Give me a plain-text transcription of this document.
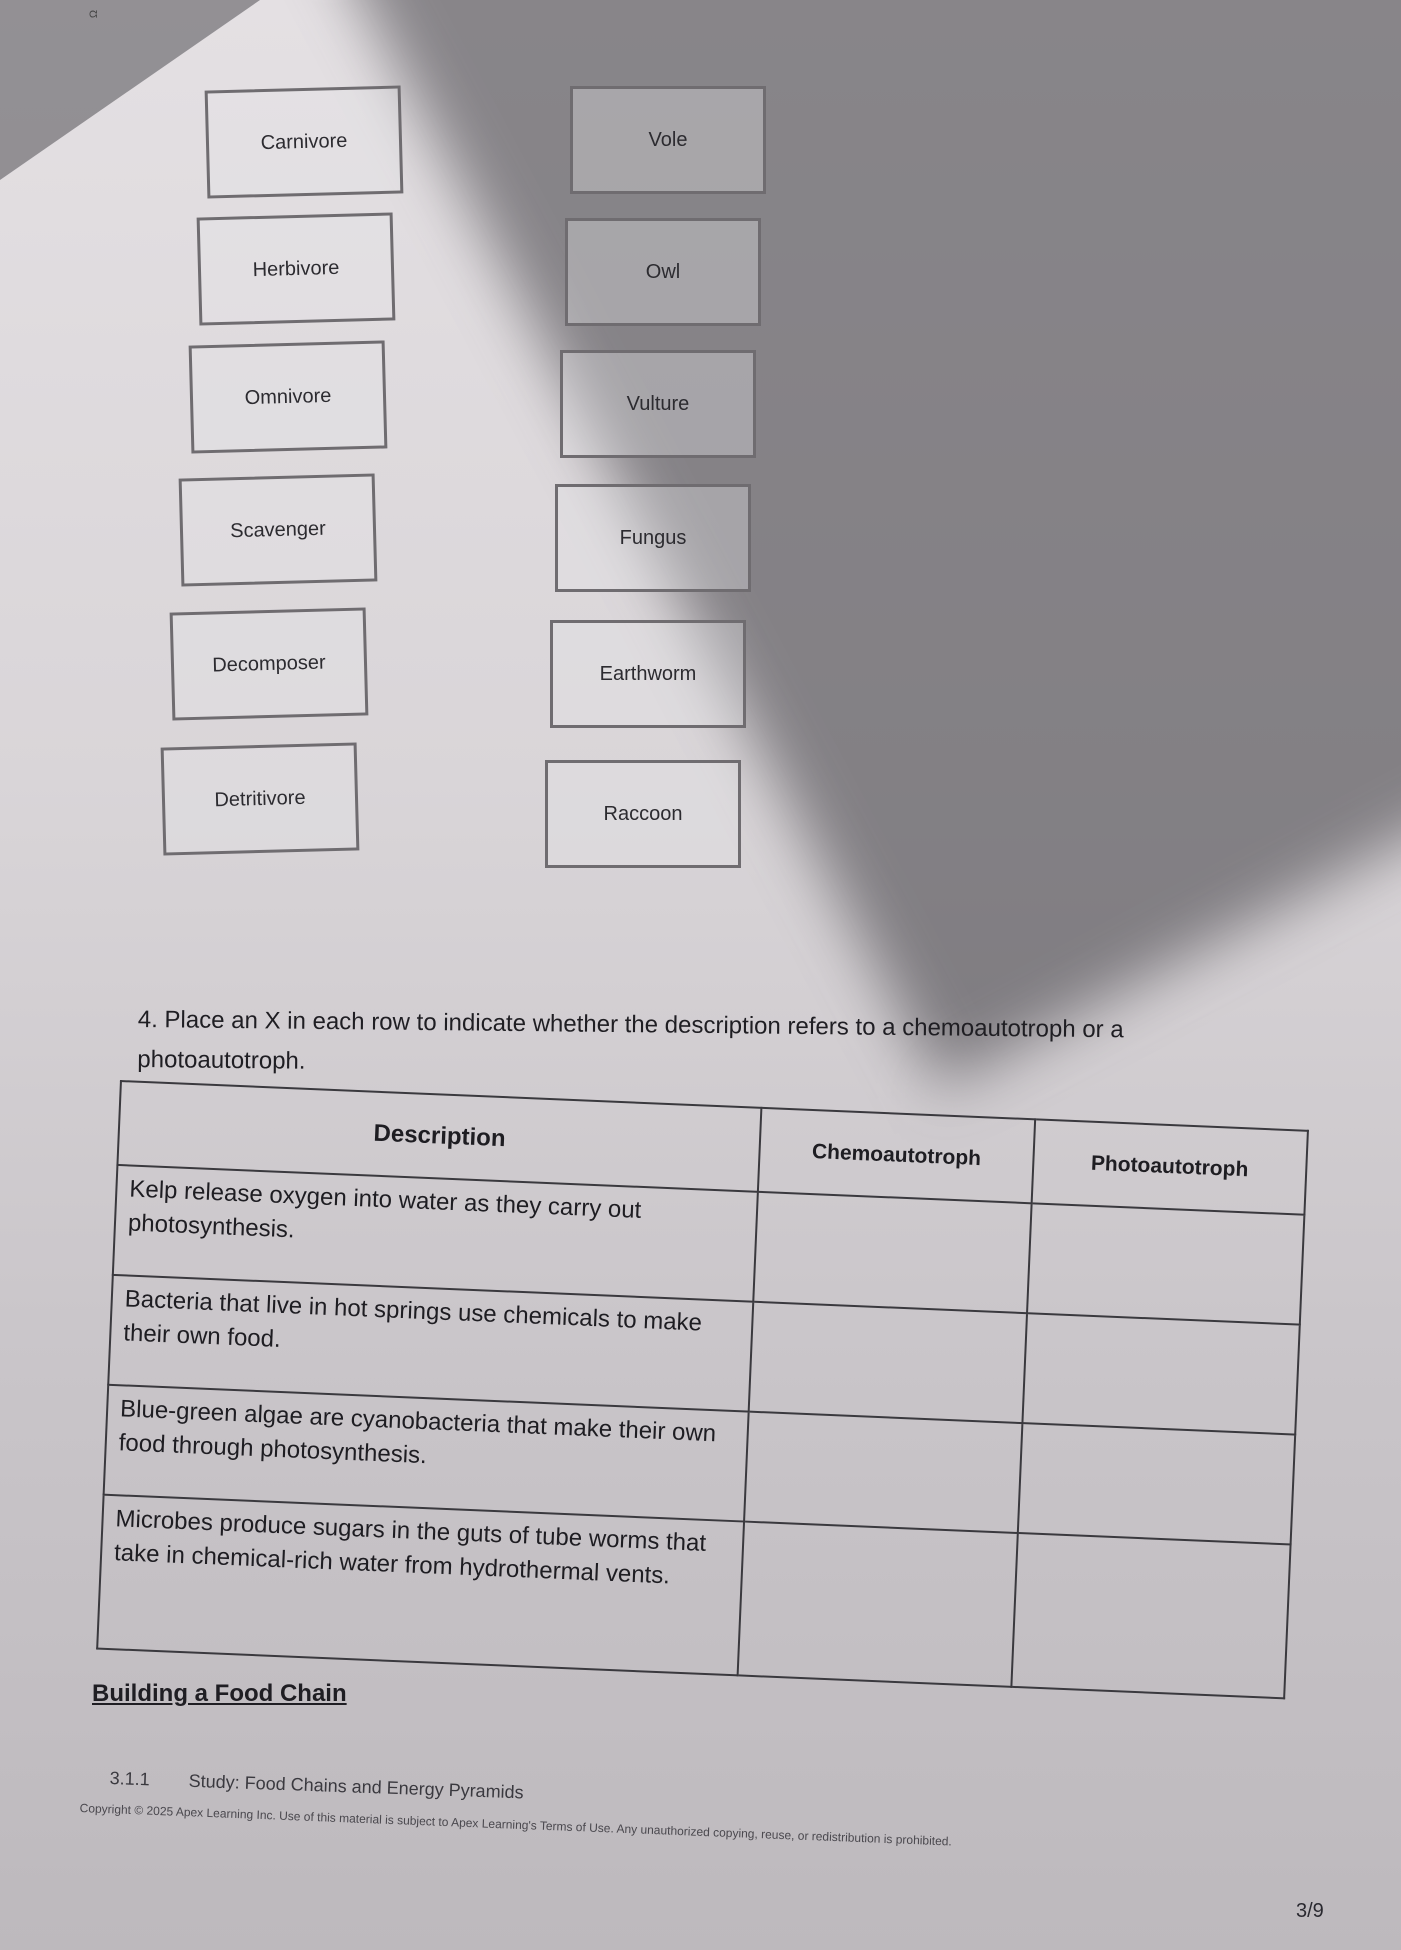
Ω
Carnivore
Herbivore
Omnivore
Scavenger
Decomposer
Detritivore
Vole
Owl
Vulture
Fungus
Earthworm
Raccoon
4. Place an X in each row to indicate whether the description refers to a chemoautotroph or a photoautotroph.
Description	Chemoautotroph	Photoautotroph
Kelp release oxygen into water as they carry out photosynthesis.		
Bacteria that live in hot springs use chemicals to make their own food.		
Blue-green algae are cyanobacteria that make their own food through photosynthesis.		
Microbes produce sugars in the guts of tube worms that take in chemical-rich water from hydrothermal vents.		
Building a Food Chain
3.1.1 Study: Food Chains and Energy Pyramids
Copyright © 2025 Apex Learning Inc. Use of this material is subject to Apex Learning's Terms of Use. Any unauthorized copying, reuse, or redistribution is prohibited.
3/9
